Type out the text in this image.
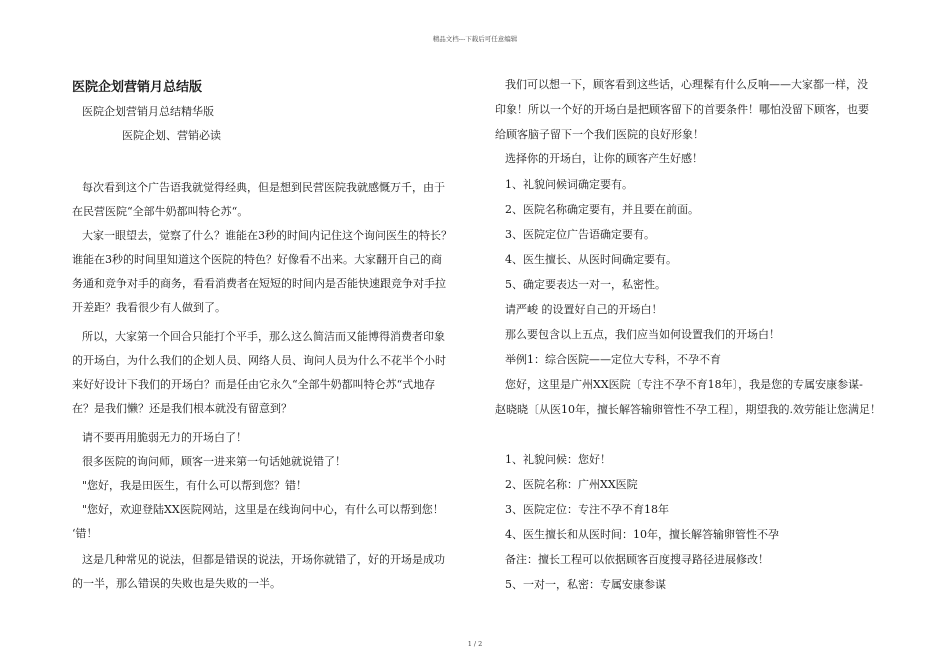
精品文档---下载后可任意编辑
医院企划营销月总结版
医院企划营销月总结精华版
医院企划、营销必读
每次看到这个广告语我就觉得经典，但是想到民营医院我就感慨万千，由于
在民营医院“全部牛奶都叫特仑苏“。
大家一眼望去，觉察了什么？谁能在3秒的时间内记住这个询问医生的特长？
谁能在3秒的时间里知道这个医院的特色？好像看不出来。大家翻开自己的商
务通和竞争对手的商务，看看消费者在短短的时间内是否能快速跟竞争对手拉
开差距？我看很少有人做到了。
所以，大家第一个回合只能打个平手，那么这么简洁而又能博得消费者印象
的开场白，为什么我们的企划人员、网络人员、询问人员为什么不花半个小时
来好好设计下我们的开场白？而是任由它永久“全部牛奶都叫特仑苏“式地存
在？是我们懒？还是我们根本就没有留意到？
请不要再用脆弱无力的开场白了！
很多医院的询问师，顾客一进来第一句话她就说错了！
"您好，我是田医生，有什么可以帮到您？错！
"您好，欢迎登陆XX医院网站，这里是在线询问中心，有什么可以帮到您！
‘错！
这是几种常见的说法，但都是错误的说法，开场你就错了，好的开场是成功
的一半，那么错误的失败也是失败的一半。
我们可以想一下，顾客看到这些话，心理髹有什么反响——大家都一样，没
印象！所以一个好的开场白是把顾客留下的首要条件！哪怕没留下顾客，也要
给顾客脑子留下一个我们医院的良好形象！
选择你的开场白，让你的顾客产生好感！
1、礼貌问候词确定要有。
2、医院名称确定要有，并且要在前面。
3、医院定位广告语确定要有。
4、医生擅长、从医时间确定要有。
5、确定要表达一对一，私密性。
请严峻 的设置好自己的开场白！
那么要包含以上五点，我们应当如何设置我们的开场白！
举例1：综合医院——定位大专科，不孕不育
您好，这里是广州XX医院〔专注不孕不育18年〕，我是您的专属安康参谋-
赵晓晓〔从医10年，擅长解答输卵管性不孕工程〕，期望我的.效劳能让您满足！
1、礼貌问候：您好！
2、医院名称：广州XX医院
3、医院定位：专注不孕不育18年
4、医生擅长和从医时间：10年，擅长解答输卵管性不孕
备注：擅长工程可以依据顾客百度搜寻路径进展修改！
5、一对一，私密：专属安康参谋
1 / 2
